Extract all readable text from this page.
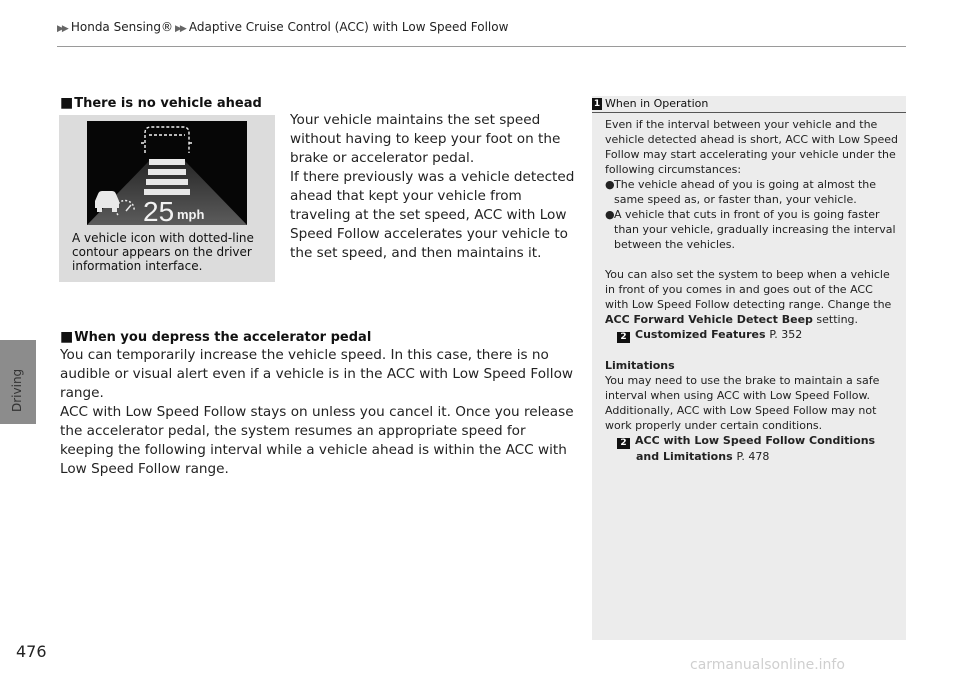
▶▶ Honda Sensing® ▶▶ Adaptive Cruise Control (ACC) with Low Speed Follow
Driving
476
■There is no vehicle ahead
25 mph
A vehicle icon with dotted-line contour appears on the driver information interface.

Your vehicle maintains the set speed without having to keep your foot on the brake or accelerator pedal.

If there previously was a vehicle detected ahead that kept your vehicle from traveling at the set speed, ACC with Low Speed Follow accelerates your vehicle to the set speed, and then maintains it.

■When you depress the accelerator pedal

You can temporarily increase the vehicle speed. In this case, there is no audible or visual alert even if a vehicle is in the ACC with Low Speed Follow range.

ACC with Low Speed Follow stays on unless you cancel it. Once you release the accelerator pedal, the system resumes an appropriate speed for keeping the following interval while a vehicle ahead is within the ACC with Low Speed Follow range.

1 When in Operation

Even if the interval between your vehicle and the vehicle detected ahead is short, ACC with Low Speed Follow may start accelerating your vehicle under the following circumstances:

● The vehicle ahead of you is going at almost the same speed as, or faster than, your vehicle.
● A vehicle that cuts in front of you is going faster than your vehicle, gradually increasing the interval between the vehicles.

You can also set the system to beep when a vehicle in front of you comes in and goes out of the ACC with Low Speed Follow detecting range. Change the ACC Forward Vehicle Detect Beep setting.

2 Customized Features P. 352

Limitations

You may need to use the brake to maintain a safe interval when using ACC with Low Speed Follow. Additionally, ACC with Low Speed Follow may not work properly under certain conditions.

2 ACC with Low Speed Follow Conditions
and Limitations P. 478
carmanualsonline.info
